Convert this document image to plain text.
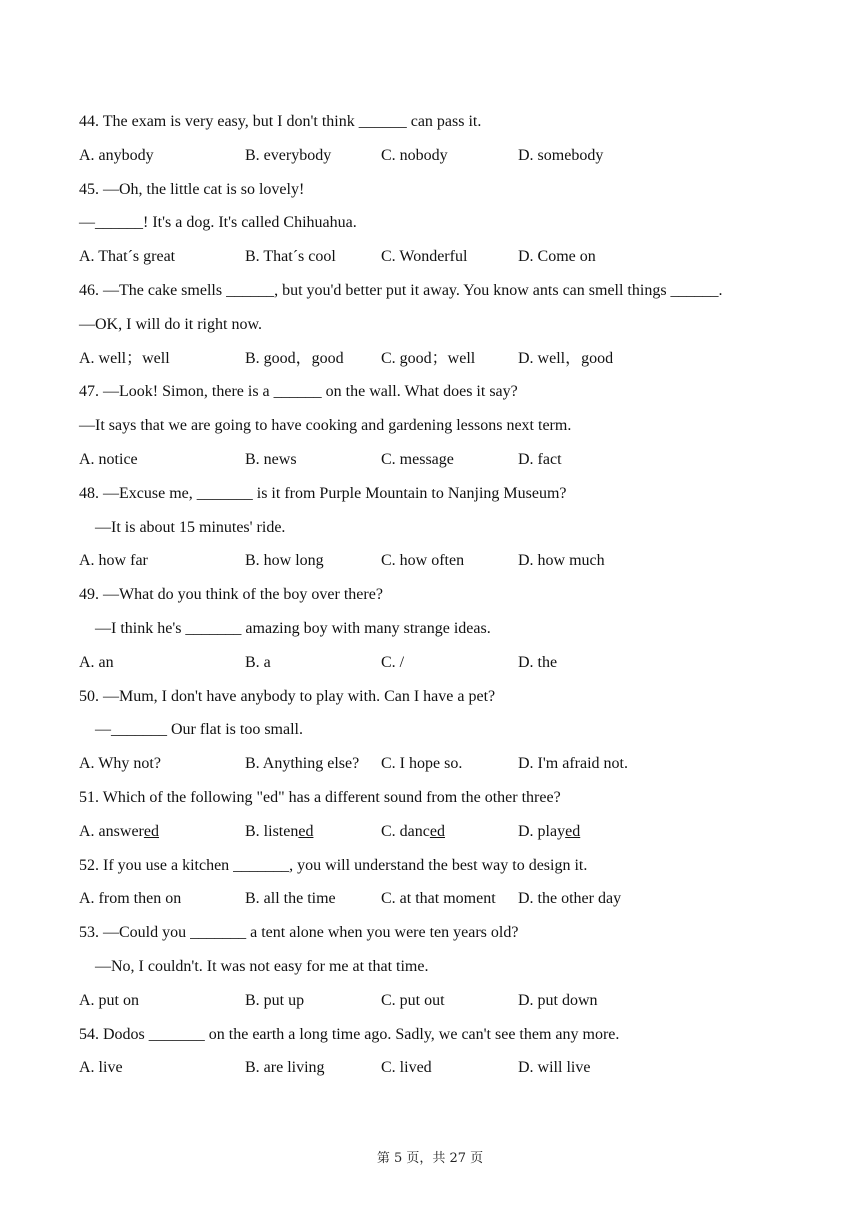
44. The exam is very easy, but I don't think ______ can pass it.
A. anybody	B. everybody	C. nobody	D. somebody
45. —Oh, the little cat is so lovely!
—______! It's a dog. It's called Chihuahua.
A. That´s great	B. That´s cool	C. Wonderful	D. Come on
46. —The cake smells ______, but you'd better put it away. You know ants can smell things ______.
—OK, I will do it right now.
A. well；well	B. good，good C. good；well	D. well，good
47. —Look! Simon, there is a ______ on the wall. What does it say?
—It says that we are going to have cooking and gardening lessons next term.
A. notice	B. news	C. message	D. fact
48. —Excuse me, _______ is it from Purple Mountain to Nanjing Museum?
—It is about 15 minutes' ride.
A. how far	B. how long	C. how often	D. how much
49. —What do you think of the boy over there?
—I think he's _______ amazing boy with many strange ideas.
A. an	B. a	C. /	D. the
50. —Mum, I don't have anybody to play with. Can I have a pet?
—_______ Our flat is too small.
A. Why not?	B. Anything else? C. I hope so.	D. I'm afraid not.
51. Which of the following "ed" has a different sound from the other three?
A. answered	B. listened	C. danced	D. played
52. If you use a kitchen _______, you will understand the best way to design it.
A. from then on	B. all the time	C. at that moment D. the other day
53. —Could you _______ a tent alone when you were ten years old?
—No, I couldn't. It was not easy for me at that time.
A. put on	B. put up	C. put out	D. put down
54. Dodos _______ on the earth a long time ago. Sadly, we can't see them any more.
A. live	B. are living	C. lived	D. will live
第 5 页，共 27 页
